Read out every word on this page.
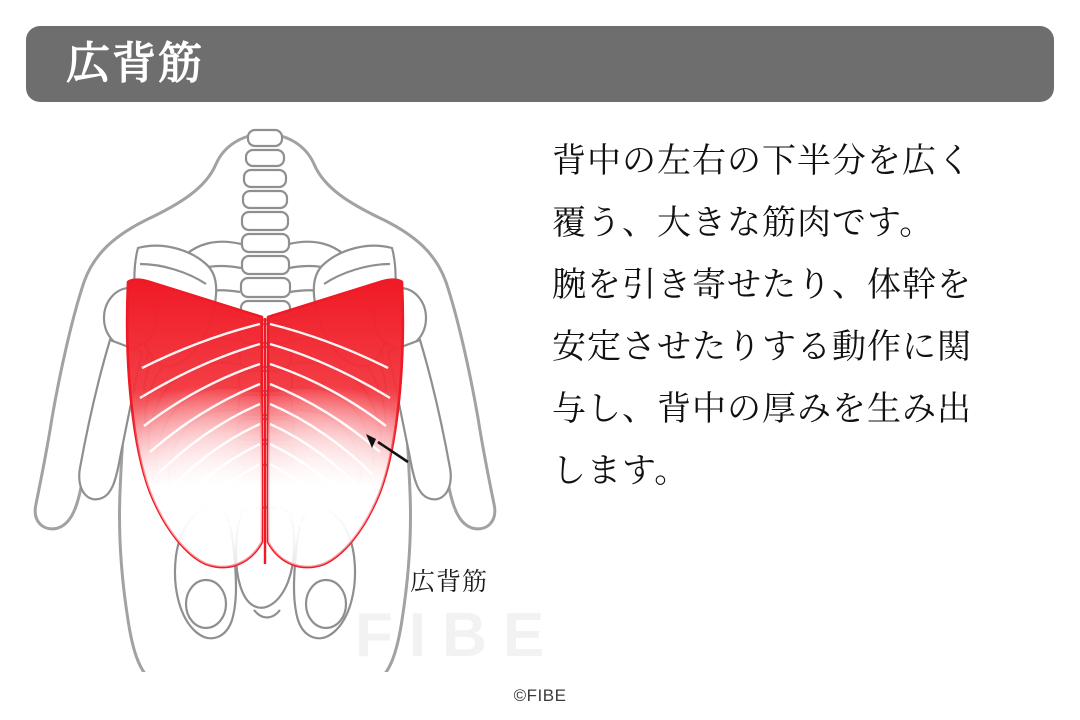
広背筋
広背筋

背中の左右の下半分を広く

覆う、大きな筋肉です。

腕を引き寄せたり、体幹を

安定させたりする動作に関

与し、背中の厚みを生み出

します。

FIBE
©FIBE
